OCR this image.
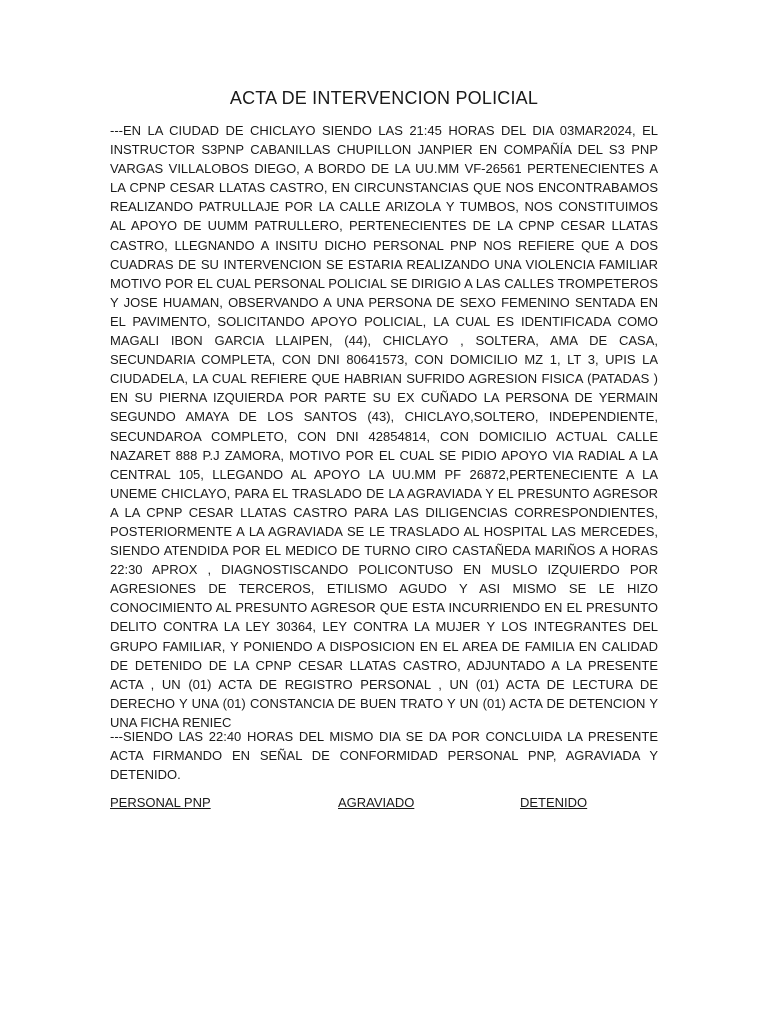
ACTA DE INTERVENCION POLICIAL

---EN LA CIUDAD DE CHICLAYO SIENDO LAS 21:45 HORAS DEL DIA 03MAR2024, EL INSTRUCTOR S3PNP CABANILLAS CHUPILLON JANPIER EN COMPAÑÍA DEL S3 PNP VARGAS VILLALOBOS DIEGO, A BORDO DE LA UU.MM VF-26561 PERTENECIENTES A LA CPNP CESAR LLATAS CASTRO, EN CIRCUNSTANCIAS QUE NOS ENCONTRABAMOS REALIZANDO PATRULLAJE POR LA CALLE ARIZOLA Y TUMBOS, NOS CONSTITUIMOS AL APOYO DE UUMM PATRULLERO, PERTENECIENTES DE LA CPNP CESAR LLATAS CASTRO, LLEGNANDO A INSITU DICHO PERSONAL PNP NOS REFIERE QUE A DOS CUADRAS DE SU INTERVENCION SE ESTARIA REALIZANDO UNA VIOLENCIA FAMILIAR MOTIVO POR EL CUAL PERSONAL POLICIAL SE DIRIGIO A LAS CALLES TROMPETEROS Y JOSE HUAMAN, OBSERVANDO A UNA PERSONA DE SEXO FEMENINO SENTADA EN EL PAVIMENTO, SOLICITANDO APOYO POLICIAL, LA CUAL ES IDENTIFICADA COMO MAGALI IBON GARCIA LLAIPEN, (44), CHICLAYO , SOLTERA, AMA DE CASA, SECUNDARIA COMPLETA, CON DNI 80641573, CON DOMICILIO MZ 1, LT 3, UPIS LA CIUDADELA, LA CUAL REFIERE QUE HABRIAN SUFRIDO AGRESION FISICA (PATADAS ) EN SU PIERNA IZQUIERDA POR PARTE SU EX CUÑADO LA PERSONA DE YERMAIN SEGUNDO AMAYA DE LOS SANTOS (43), CHICLAYO,SOLTERO, INDEPENDIENTE, SECUNDAROA COMPLETO, CON DNI 42854814, CON DOMICILIO ACTUAL CALLE NAZARET 888 P.J ZAMORA, MOTIVO POR EL CUAL SE PIDIO APOYO VIA RADIAL A LA CENTRAL 105, LLEGANDO AL APOYO LA UU.MM PF 26872,PERTENECIENTE A LA UNEME CHICLAYO, PARA EL TRASLADO DE LA AGRAVIADA Y EL PRESUNTO AGRESOR A LA CPNP CESAR LLATAS CASTRO PARA LAS DILIGENCIAS CORRESPONDIENTES, POSTERIORMENTE A LA AGRAVIADA SE LE TRASLADO AL HOSPITAL LAS MERCEDES, SIENDO ATENDIDA POR EL MEDICO DE TURNO CIRO CASTAÑEDA MARIÑOS A HORAS 22:30 APROX , DIAGNOSTISCANDO POLICONTUSO EN MUSLO IZQUIERDO POR AGRESIONES DE TERCEROS, ETILISMO AGUDO Y ASI MISMO SE LE HIZO CONOCIMIENTO AL PRESUNTO AGRESOR QUE ESTA INCURRIENDO EN EL PRESUNTO DELITO CONTRA LA LEY 30364, LEY CONTRA LA MUJER Y LOS INTEGRANTES DEL GRUPO FAMILIAR, Y PONIENDO A DISPOSICION EN EL AREA DE FAMILIA EN CALIDAD DE DETENIDO DE LA CPNP CESAR LLATAS CASTRO, ADJUNTADO A LA PRESENTE ACTA , UN (01) ACTA DE REGISTRO PERSONAL , UN (01) ACTA DE LECTURA DE DERECHO Y UNA (01) CONSTANCIA DE BUEN TRATO Y UN (01) ACTA DE DETENCION Y UNA FICHA RENIEC

---SIENDO LAS 22:40 HORAS DEL MISMO DIA SE DA POR CONCLUIDA LA PRESENTE ACTA FIRMANDO EN SEÑAL DE CONFORMIDAD PERSONAL PNP, AGRAVIADA Y DETENIDO.

PERSONAL PNP	AGRAVIADO	DETENIDO
